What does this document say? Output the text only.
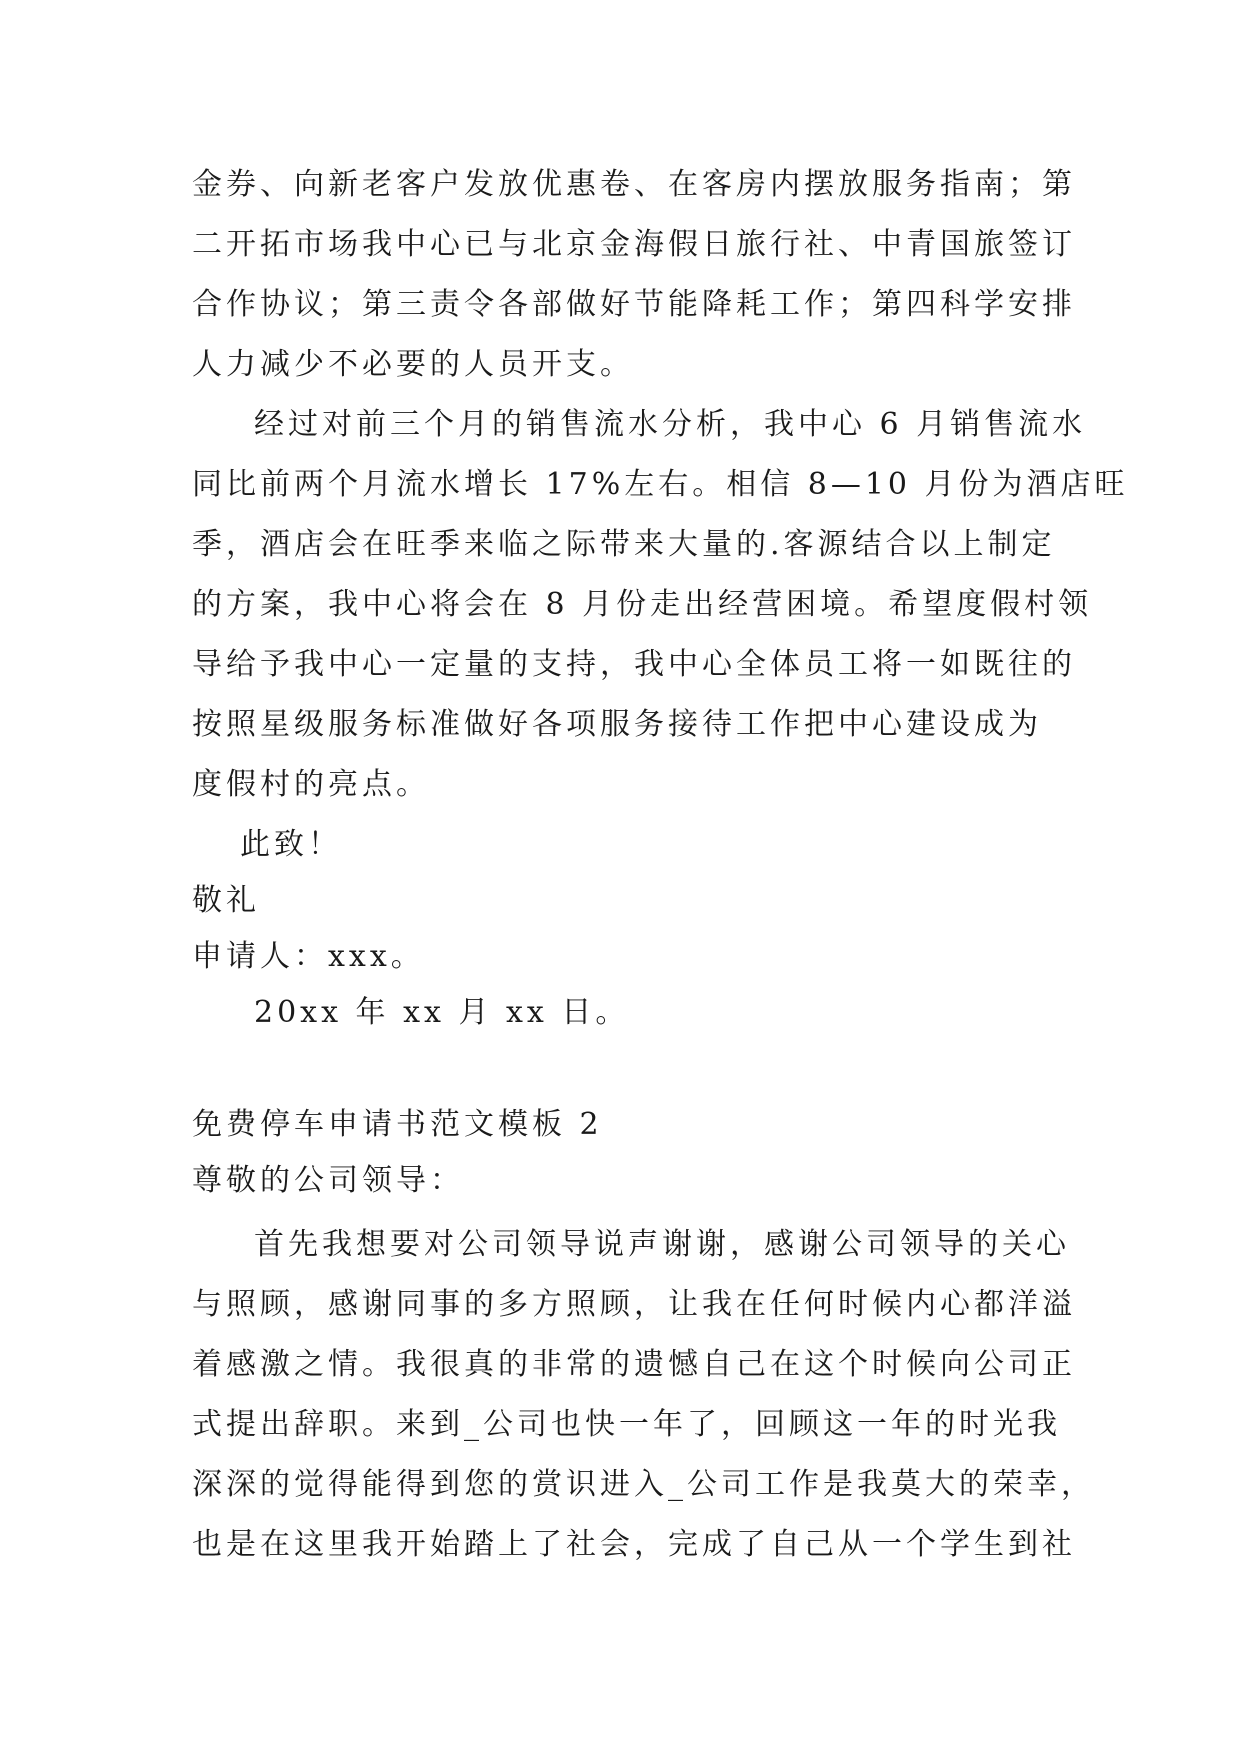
金券、向新老客户发放优惠卷、在客房内摆放服务指南；第
二开拓市场我中心已与北京金海假日旅行社、中青国旅签订
合作协议；第三责令各部做好节能降耗工作；第四科学安排
人力减少不必要的人员开支。
经过对前三个月的销售流水分析，我中心 6 月销售流水
同比前两个月流水增长 17%左右。相信 8—10 月份为酒店旺
季，酒店会在旺季来临之际带来大量的.客源结合以上制定
的方案，我中心将会在 8 月份走出经营困境。希望度假村领
导给予我中心一定量的支持，我中心全体员工将一如既往的
按照星级服务标准做好各项服务接待工作把中心建设成为
度假村的亮点。
此致！
敬礼
申请人：xxx。
20xx 年 xx 月 xx 日。
免费停车申请书范文模板 2
尊敬的公司领导：
首先我想要对公司领导说声谢谢，感谢公司领导的关心
与照顾，感谢同事的多方照顾，让我在任何时候内心都洋溢
着感激之情。我很真的非常的遗憾自己在这个时候向公司正
式提出辞职。来到_公司也快一年了，回顾这一年的时光我
深深的觉得能得到您的赏识进入_公司工作是我莫大的荣幸，
也是在这里我开始踏上了社会，完成了自己从一个学生到社
